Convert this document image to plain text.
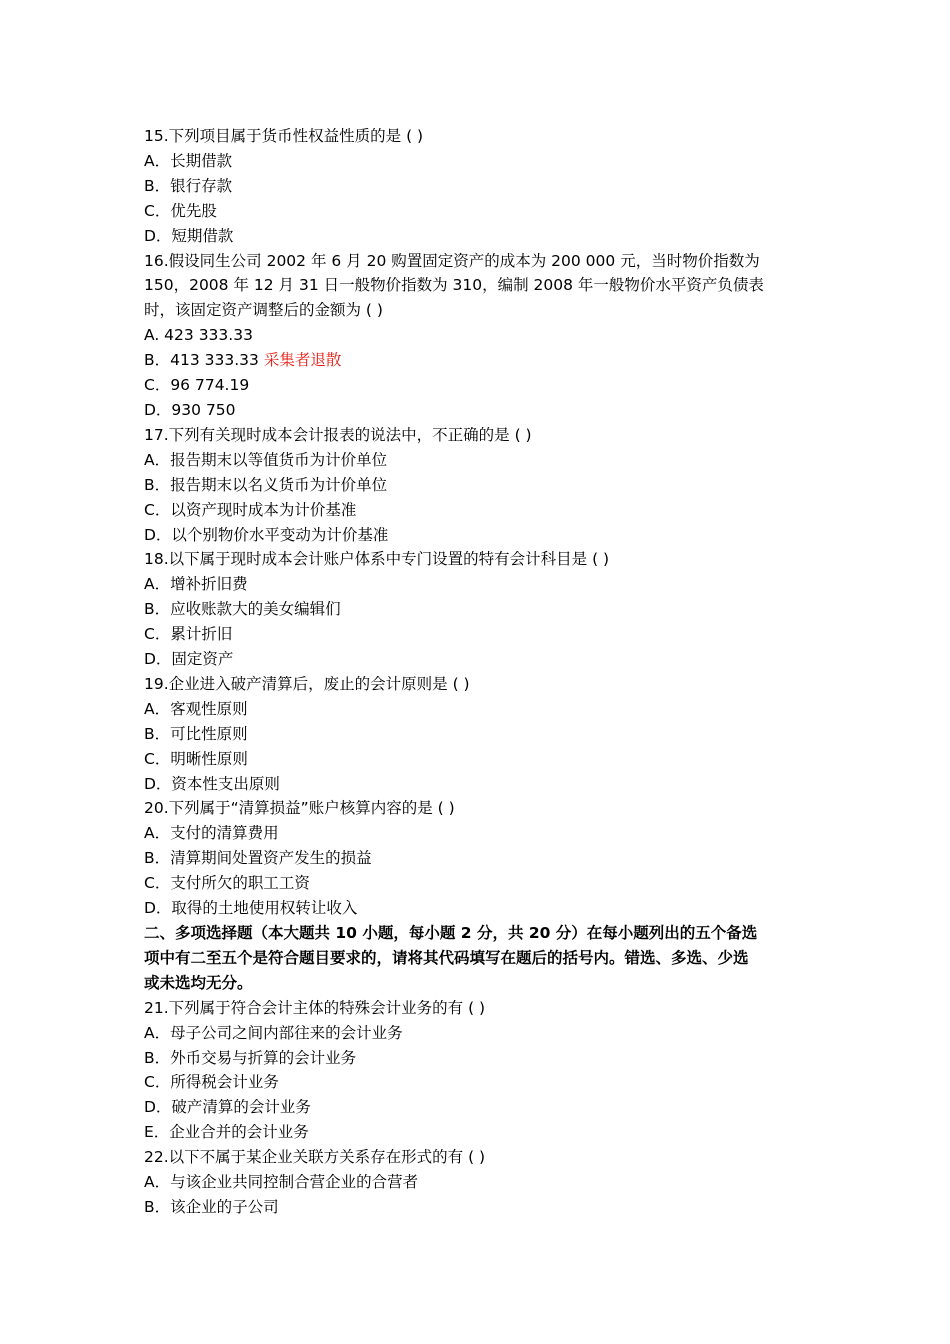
15.下列项目属于货币性权益性质的是 ( )
A．长期借款
B．银行存款
C．优先股
D．短期借款
16.假设同生公司 2002 年 6 月 20 购置固定资产的成本为 200 000 元，当时物价指数为
150，2008 年 12 月 31 日一般物价指数为 310，编制 2008 年一般物价水平资产负债表
时，该固定资产调整后的金额为 ( )
A. 423 333.33
B．413 333.33 采集者退散
C．96 774.19
D．930 750
17.下列有关现时成本会计报表的说法中，不正确的是 ( )
A．报告期末以等值货币为计价单位
B．报告期末以名义货币为计价单位
C．以资产现时成本为计价基准
D．以个别物价水平变动为计价基准
18.以下属于现时成本会计账户体系中专门设置的特有会计科目是 ( )
A．增补折旧费
B．应收账款大的美女编辑们
C．累计折旧
D．固定资产
19.企业进入破产清算后，废止的会计原则是 ( )
A．客观性原则
B．可比性原则
C．明晰性原则
D．资本性支出原则
20.下列属于“清算损益”账户核算内容的是 ( )
A．支付的清算费用
B．清算期间处置资产发生的损益
C．支付所欠的职工工资
D．取得的土地使用权转让收入
二、多项选择题（本大题共 10 小题，每小题 2 分，共 20 分）在每小题列出的五个备选
项中有二至五个是符合题目要求的，请将其代码填写在题后的括号内。错选、多选、少选
或未选均无分。
21.下列属于符合会计主体的特殊会计业务的有 ( )
A．母子公司之间内部往来的会计业务
B．外币交易与折算的会计业务
C．所得税会计业务
D．破产清算的会计业务
E．企业合并的会计业务
22.以下不属于某企业关联方关系存在形式的有 ( )
A．与该企业共同控制合营企业的合营者
B．该企业的子公司
